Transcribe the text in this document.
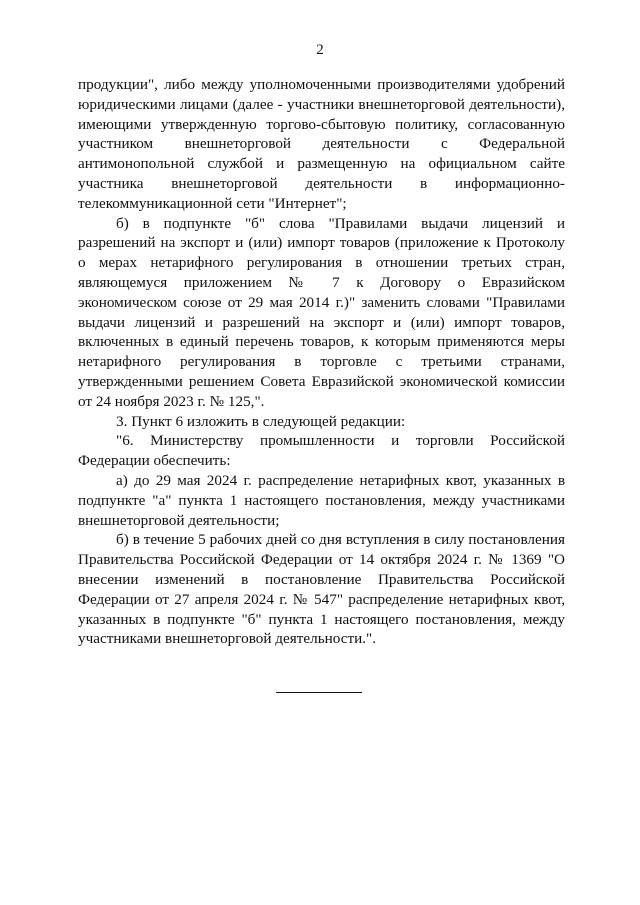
2

продукции", либо между уполномоченными производителями удобрений юридическими лицами (далее - участники внешнеторговой деятельности), имеющими утвержденную торгово-сбытовую политику, согласованную участником внешнеторговой деятельности с Федеральной антимонопольной службой и размещенную на официальном сайте участника внешнеторговой деятельности в информационно-телекоммуникационной сети "Интернет";

б) в подпункте "б" слова "Правилами выдачи лицензий и разрешений на экспорт и (или) импорт товаров (приложение к Протоколу о мерах нетарифного регулирования в отношении третьих стран, являющемуся приложением № 7 к Договору о Евразийском экономическом союзе от 29 мая 2014 г.)" заменить словами "Правилами выдачи лицензий и разрешений на экспорт и (или) импорт товаров, включенных в единый перечень товаров, к которым применяются меры нетарифного регулирования в торговле с третьими странами, утвержденными решением Совета Евразийской экономической комиссии от 24 ноября 2023 г. № 125,".

3. Пункт 6 изложить в следующей редакции:

"6. Министерству промышленности и торговли Российской Федерации обеспечить:

а) до 29 мая 2024 г. распределение нетарифных квот, указанных в подпункте "а" пункта 1 настоящего постановления, между участниками внешнеторговой деятельности;

б) в течение 5 рабочих дней со дня вступления в силу постановления Правительства Российской Федерации от 14 октября 2024 г. № 1369 "О внесении изменений в постановление Правительства Российской Федерации от 27 апреля 2024 г. № 547" распределение нетарифных квот, указанных в подпункте "б" пункта 1 настоящего постановления, между участниками внешнеторговой деятельности.".
